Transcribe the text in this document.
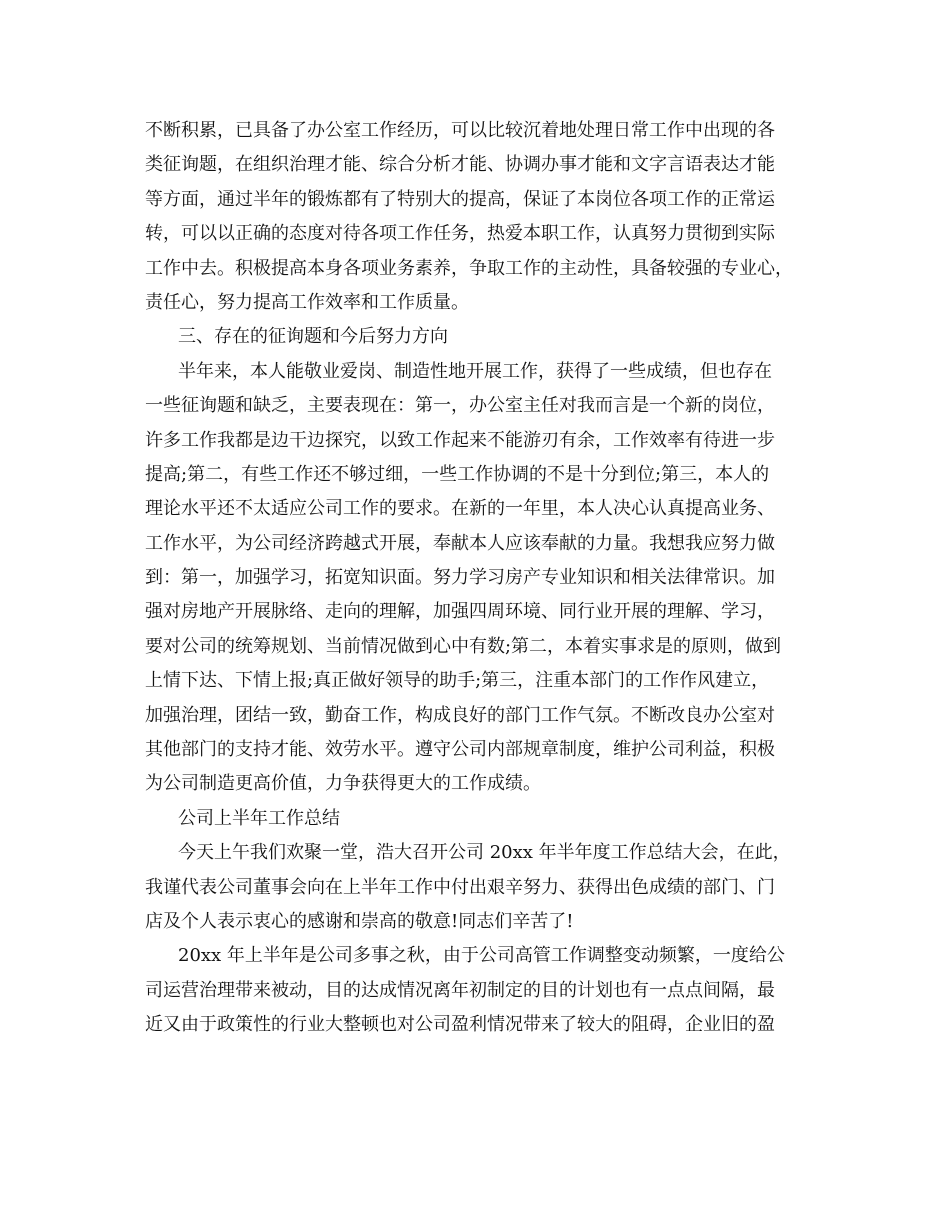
不断积累，已具备了办公室工作经历，可以比较沉着地处理日常工作中出现的各
类征询题，在组织治理才能、综合分析才能、协调办事才能和文字言语表达才能
等方面，通过半年的锻炼都有了特别大的提高，保证了本岗位各项工作的正常运
转，可以以正确的态度对待各项工作任务，热爱本职工作，认真努力贯彻到实际
工作中去。积极提高本身各项业务素养，争取工作的主动性，具备较强的专业心，
责任心，努力提高工作效率和工作质量。
三、存在的征询题和今后努力方向
半年来，本人能敬业爱岗、制造性地开展工作，获得了一些成绩，但也存在
一些征询题和缺乏，主要表现在：第一，办公室主任对我而言是一个新的岗位，
许多工作我都是边干边探究，以致工作起来不能游刃有余，工作效率有待进一步
提高;第二，有些工作还不够过细，一些工作协调的不是十分到位;第三，本人的
理论水平还不太适应公司工作的要求。在新的一年里，本人决心认真提高业务、
工作水平，为公司经济跨越式开展，奉献本人应该奉献的力量。我想我应努力做
到：第一，加强学习，拓宽知识面。努力学习房产专业知识和相关法律常识。加
强对房地产开展脉络、走向的理解，加强四周环境、同行业开展的理解、学习，
要对公司的统筹规划、当前情况做到心中有数;第二，本着实事求是的原则，做到
上情下达、下情上报;真正做好领导的助手;第三，注重本部门的工作作风建立，
加强治理，团结一致，勤奋工作，构成良好的部门工作气氛。不断改良办公室对
其他部门的支持才能、效劳水平。遵守公司内部规章制度，维护公司利益，积极
为公司制造更高价值，力争获得更大的工作成绩。
公司上半年工作总结
今天上午我们欢聚一堂，浩大召开公司 20xx 年半年度工作总结大会，在此，
我谨代表公司董事会向在上半年工作中付出艰辛努力、获得出色成绩的部门、门
店及个人表示衷心的感谢和崇高的敬意!同志们辛苦了!
20xx 年上半年是公司多事之秋，由于公司高管工作调整变动频繁，一度给公
司运营治理带来被动，目的达成情况离年初制定的目的计划也有一点点间隔，最
近又由于政策性的行业大整顿也对公司盈利情况带来了较大的阻碍，企业旧的盈
